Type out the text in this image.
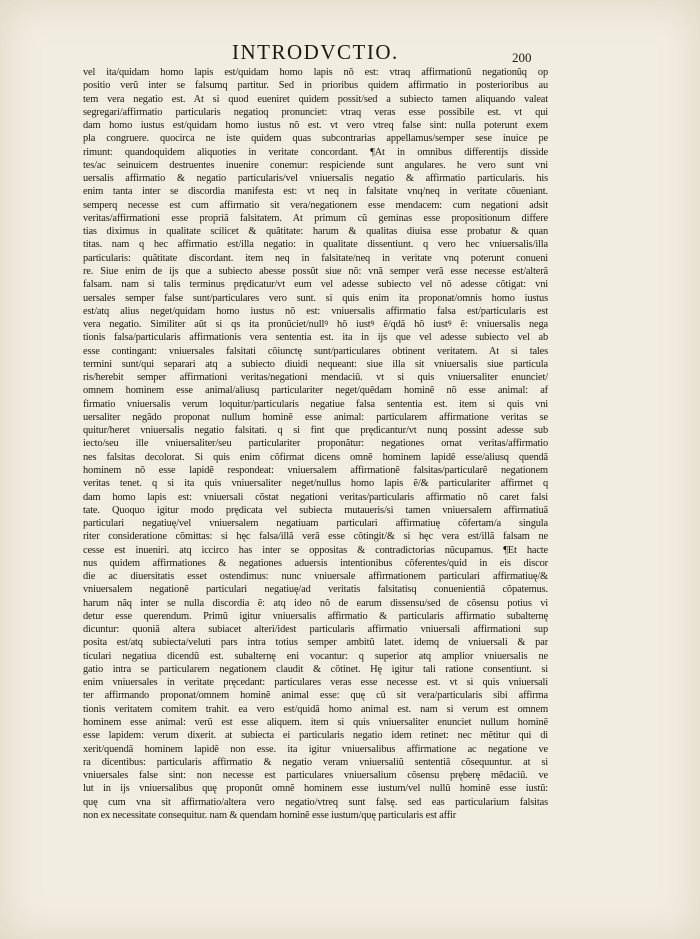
INTRODVCTIO.	200
vel ita/quidam homo lapis est/quidam homo lapis nõ est: vtraq affirmationũ negationũq op
positio verũ inter se falsumq partitur. Sed in prioribus quidem affirmatio in posterioribus au
tem vera negatio est. At si quod eueniret quidem possit/sed a subiecto tamen aliquando valeat
segregari/affirmatio particularis negatioq pronunciet: vtraq veras esse possibile est. vt qui
dam homo iustus est/quidam homo iustus nõ est. vt vero vtreq false sint: nulla poterunt exem
pla congruere. quocirca ne iste quidem quas subcontrarias appellamus/semper sese inuice pe
rimunt: quandoquidem aliquoties in veritate concordant. ¶At in omnibus differentijs disside
tes/ac seinuicem destruentes inuenire conemur: respiciende sunt angulares. he vero sunt vni
uersalis affirmatio & negatio particularis/vel vniuersalis negatio & affirmatio particularis. his
enim tanta inter se discordia manifesta est: vt neq in falsitate vnq/neq in veritate cõueniant.
semperq necesse est cum affirmatio sit vera/negationem esse mendacem: cum negationi adsit
veritas/affirmationi esse propriã falsitatem. At primum cũ geminas esse propositionum differe
tias diximus in qualitate scilicet & quãtitate: harum & qualitas diuisa esse probatur & quan
titas. nam q hec affirmatio est/illa negatio: in qualitate dissentiunt. q vero hec vniuersalis/illa
particularis: quãtitate discordant. item neq in falsitate/neq in veritate vnq poterunt conueni
re. Siue enim de ijs que a subiecto abesse possũt siue nõ: vnã semper verã esse necesse est/alterã
falsam. nam si talis terminus prędicatur/vt eum vel adesse subiecto vel nõ adesse cõtigat: vni
uersales semper false sunt/particulares vero sunt. si quis enim ita proponat/omnis homo iustus
est/atq alius neget/quidam homo iustus nõ est: vniuersalis affirmatio falsa est/particularis est
vera negatio. Similiter aũt si qs ita pronũciet/nullꝰ hõ iustꝰ ẽ/qdã hõ iustꝰ ẽ: vniuersalis nega
tionis falsa/particularis affirmationis vera sententia est. ita in ijs que vel adesse subiecto vel ab
esse contingant: vniuersales falsitati cõiunctę sunt/particulares obtinent veritatem. At si tales
termini sunt/qui separari atq a subiecto diuidi nequeant: siue illa sit vniuersalis siue particula
ris/herebit semper affirmationi veritas/negationi mendaciũ. vt si quis vniuersaliter enunciet/
omnem hominem esse animal/aliusq particulariter neget/quẽdam hominẽ nõ esse animal: af
firmatio vniuersalis verum loquitur/particularis negatiue falsa sententia est. item si quis vni
uersaliter negãdo proponat nullum hominẽ esse animal: particularem affirmatione veritas se
quitur/heret vniuersalis negatio falsitati. q si fint que prędicantur/vt nunq possint adesse sub
iecto/seu ille vniuersaliter/seu particulariter proponãtur: negationes ornat veritas/affirmatio
nes falsitas decolorat. Si quis enim cõfirmat dicens omnẽ hominem lapidẽ esse/aliusq quendã
hominem nõ esse lapidẽ respondeat: vniuersalem affirmationẽ falsitas/particularẽ negationem
veritas tenet. q si ita quis vniuersaliter neget/nullus homo lapis ẽ/& particulariter affirmet q
dam homo lapis est: vniuersali cõstat negationi veritas/particularis affirmatio nõ caret falsi
tate. Quoquo igitur modo prędicata vel subiecta mutaueris/si tamen vniuersalem affirmatiuã
particulari negatiuę/vel vniuersalem negatiuam particulari affirmatiuę cõfertam/a singula
riter consideratione cõmittas: si hęc falsa/illã verã esse cõtingit/& si hęc vera est/illã falsam ne
cesse est inueniri. atq iccirco has inter se oppositas & contradictorias nũcupamus. ¶Et hacte
nus quidem affirmationes & negationes aduersis intentionibus cõferentes/quid in eis discor
die ac diuersitatis esset ostendimus: nunc vniuersale affirmationem particulari affirmatiuę/&
vniuersalem negationẽ particulari negatiuę/ad veritatis falsitatisq conuenientiã cõpatemus.
harum nãq inter se nulla discordia ẽ: atq ideo nõ de earum dissensu/sed de cõsensu potius vi
detur esse querendum. Primũ igitur vniuersalis affirmatio & particularis affirmatio subalternę
dicuntur: quoniã altera subiacet alteri/idest particularis affirmatio vniuersali affirmationi sup
posita est/atq subiecta/veluti pars intra totius semper ambitũ latet. idemq de vniuersali & par
ticulari negatiua dicendũ est. subalternę eni vocantur: q superior atq amplior vniuersalis ne
gatio intra se particularem negationem claudit & cõtinet. Hę igitur tali ratione consentiunt. si
enim vniuersales in veritate pręcedant: particulares veras esse necesse est. vt si quis vniuersali
ter affirmando proponat/omnem hominẽ animal esse: quę cũ sit vera/particularis sibi affirma
tionis veritatem comitem trahit. ea vero est/quidã homo animal est. nam si verum est omnem
hominem esse animal: verũ est esse aliquem. item si quis vniuersaliter enunciet nullum hominẽ
esse lapidem: verum dixerit. at subiecta ei particularis negatio idem retinet: nec mẽtitur qui di
xerit/quendã hominem lapidẽ non esse. ita igitur vniuersalibus affirmatione ac negatione ve
ra dicentibus: particularis affirmatio & negatio veram vniuersaliũ sententiã cõsequuntur. at si
vniuersales false sint: non necesse est particulares vniuersalium cõsensu pręberę mẽdaciũ. ve
lut in ijs vniuersalibus quę proponũt omnẽ hominem esse iustum/vel nullũ hominẽ esse iustũ:
quę cum vna sit affirmatio/altera vero negatio/vtreq sunt falsę. sed eas particularium falsitas
non ex necessitate consequitur. nam & quendam hominẽ esse iustum/quę particularis est affir
